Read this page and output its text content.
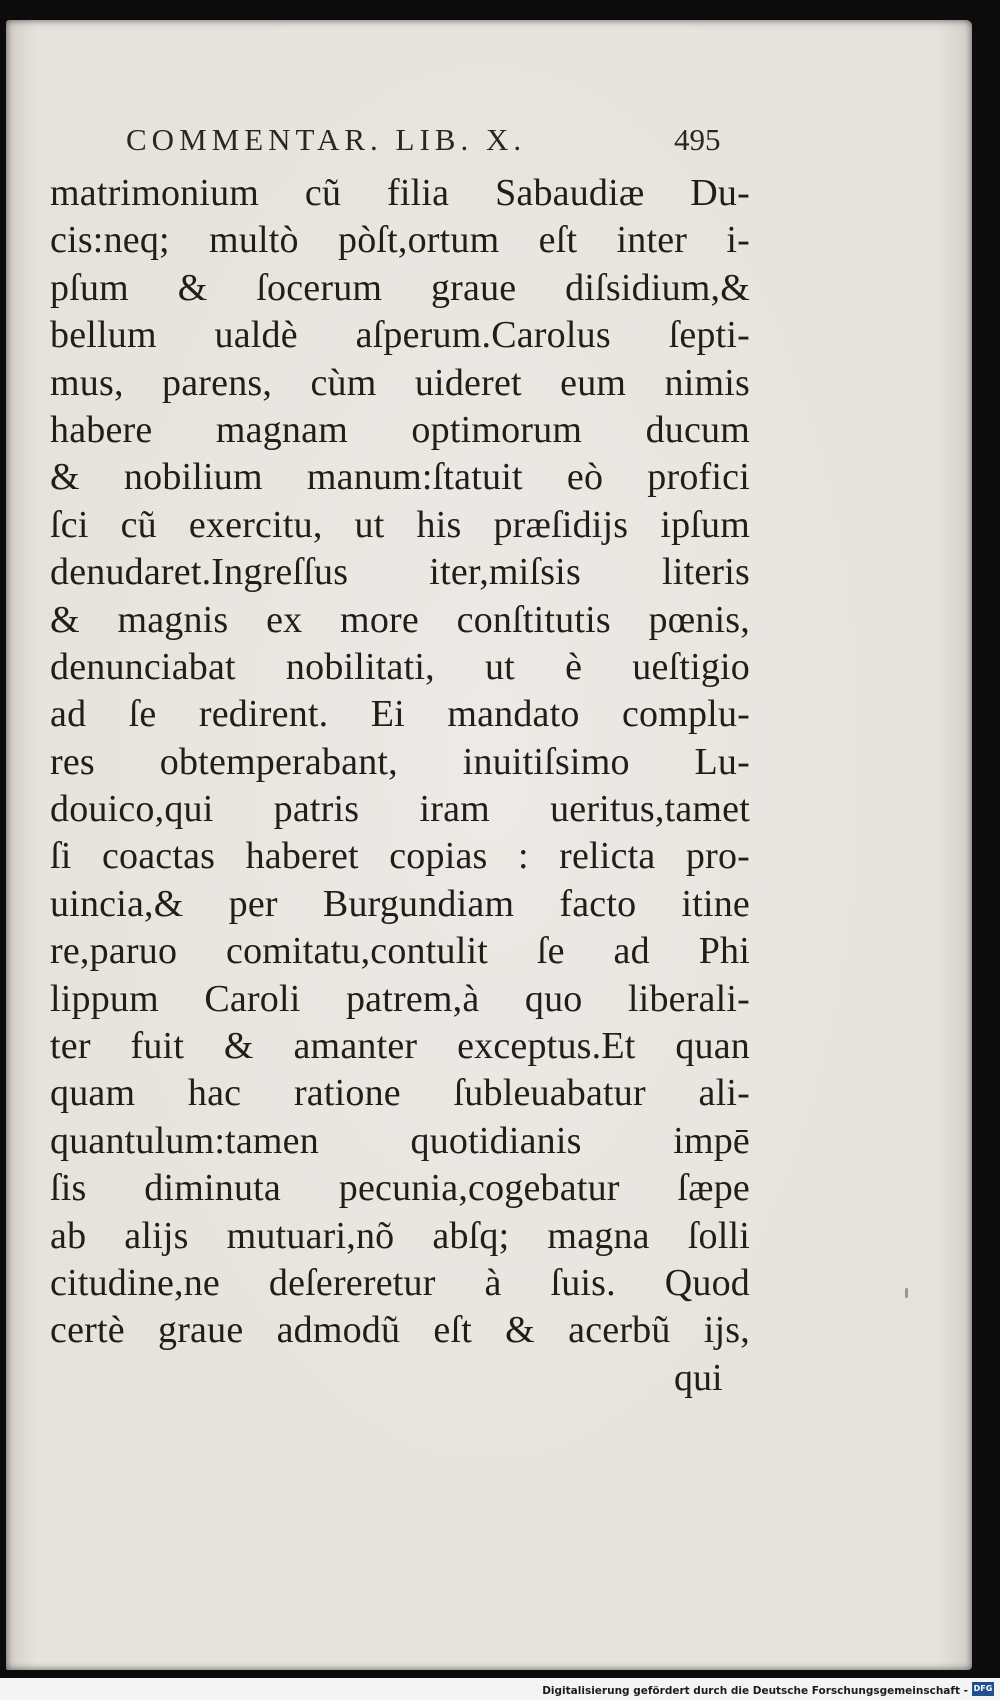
COMMENTAR. LIB. X.	495
matrimonium cũ filia Sabaudiæ Du-
cis:neq; multò pòſt,ortum eſt inter i-
pſum & ſocerum graue diſsidium,&
bellum ualdè aſperum.Carolus ſepti-
mus, parens, cùm uideret eum nimis
habere magnam optimorum ducum
& nobilium manum:ſtatuit eò profici
ſci cũ exercitu, ut his præſidijs ipſum
denudaret.Ingreſſus iter,miſsis literis
& magnis ex more conſtitutis pœnis,
denunciabat nobilitati, ut è ueſtigio
ad ſe redirent. Ei mandato complu-
res obtemperabant, inuitiſsimo Lu-
douico,qui patris iram ueritus,tamet
ſi coactas haberet copias : relicta pro-
uincia,& per Burgundiam facto itine
re,paruo comitatu,contulit ſe ad Phi
lippum Caroli patrem,à quo liberali-
ter fuit & amanter exceptus.Et quan
quam hac ratione ſubleuabatur ali-
quantulum:tamen quotidianis impē
ſis diminuta pecunia,cogebatur ſæpe
ab alijs mutuari,nõ abſq; magna ſolli
citudine,ne deſereretur à ſuis. Quod
certè graue admodũ eſt & acerbũ ijs,
qui
Digitalisierung gefördert durch die Deutsche Forschungsgemeinschaft - DFG
